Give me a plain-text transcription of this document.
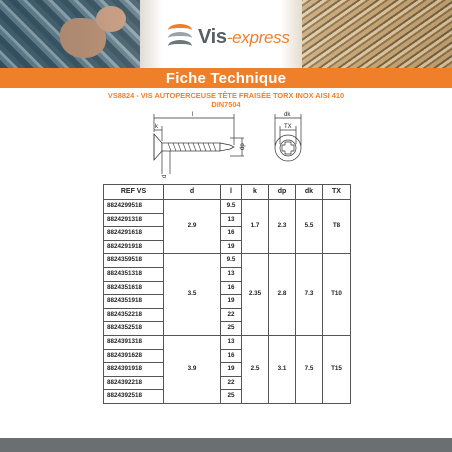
Vis-express
Fiche Technique
VS8824 - VIS AUTOPERCEUSE TÊTE FRAISÉE TORX INOX AISI 410
DIN7504
l
k
dp
d
dk
TX
REF VS	d	l	k	dp	dk	TX
8824299518	2.9	9.5	1.7	2.3	5.5	T8
8824291318		13				
8824291618		16				
8824291918		19				
8824359518	3.5	9.5	2.35	2.8	7.3	T10
8824351318		13				
8824351618		16				
8824351918		19				
8824352218		22				
8824352518		25				
8824391318	3.9	13	2.5	3.1	7.5	T15
8824391628		16				
8824391918		19				
8824392218		22				
8824392518		25				
